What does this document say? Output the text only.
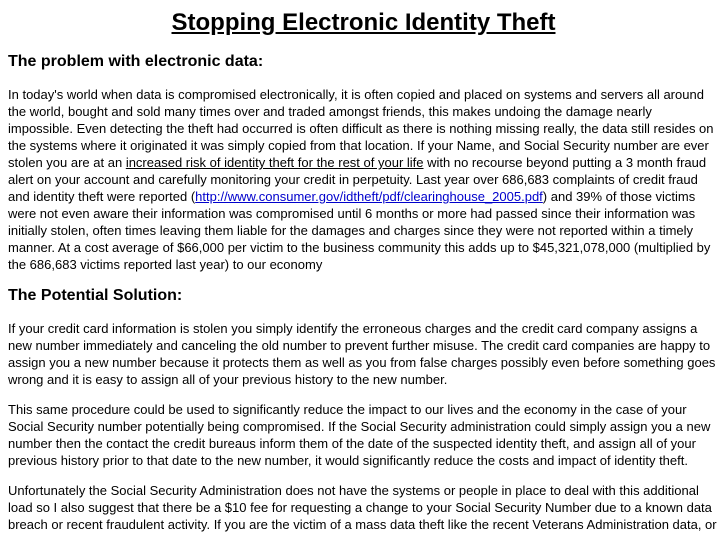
Stopping Electronic Identity Theft
The problem with electronic data:

In today's world when data is compromised electronically, it is often copied and placed on systems and servers all around the world, bought and sold many times over and traded amongst friends, this makes undoing the damage nearly impossible. Even detecting the theft had occurred is often difficult as there is nothing missing really, the data still resides on the systems where it originated it was simply copied from that location. If your Name, and Social Security number are ever stolen you are at an increased risk of identity theft for the rest of your life with no recourse beyond putting a 3 month fraud alert on your account and carefully monitoring your credit in perpetuity. Last year over 686,683 complaints of credit fraud and identity theft were reported (http://www.consumer.gov/idtheft/pdf/clearinghouse_2005.pdf) and 39% of those victims were not even aware their information was compromised until 6 months or more had passed since their information was initially stolen, often times leaving them liable for the damages and charges since they were not reported within a timely manner. At a cost average of $66,000 per victim to the business community this adds up to $45,321,078,000 (multiplied by the 686,683 victims reported last year) to our economy

The Potential Solution:

If your credit card information is stolen you simply identify the erroneous charges and the credit card company assigns a new number immediately and canceling the old number to prevent further misuse. The credit card companies are happy to assign you a new number because it protects them as well as you from false charges possibly even before something goes wrong and it is easy to assign all of your previous history to the new number.

This same procedure could be used to significantly reduce the impact to our lives and the economy in the case of your Social Security number potentially being compromised. If the Social Security administration could simply assign you a new number then the contact the credit bureaus inform them of the date of the suspected identity theft, and assign all of your previous history prior to that date to the new number, it would significantly reduce the costs and impact of identity theft.

Unfortunately the Social Security Administration does not have the systems or people in place to deal with this additional load so I also suggest that there be a $10 fee for requesting a change to your Social Security Number due to a known data breach or recent fraudulent activity. If you are the victim of a mass data theft like the recent Veterans Administration data, or
